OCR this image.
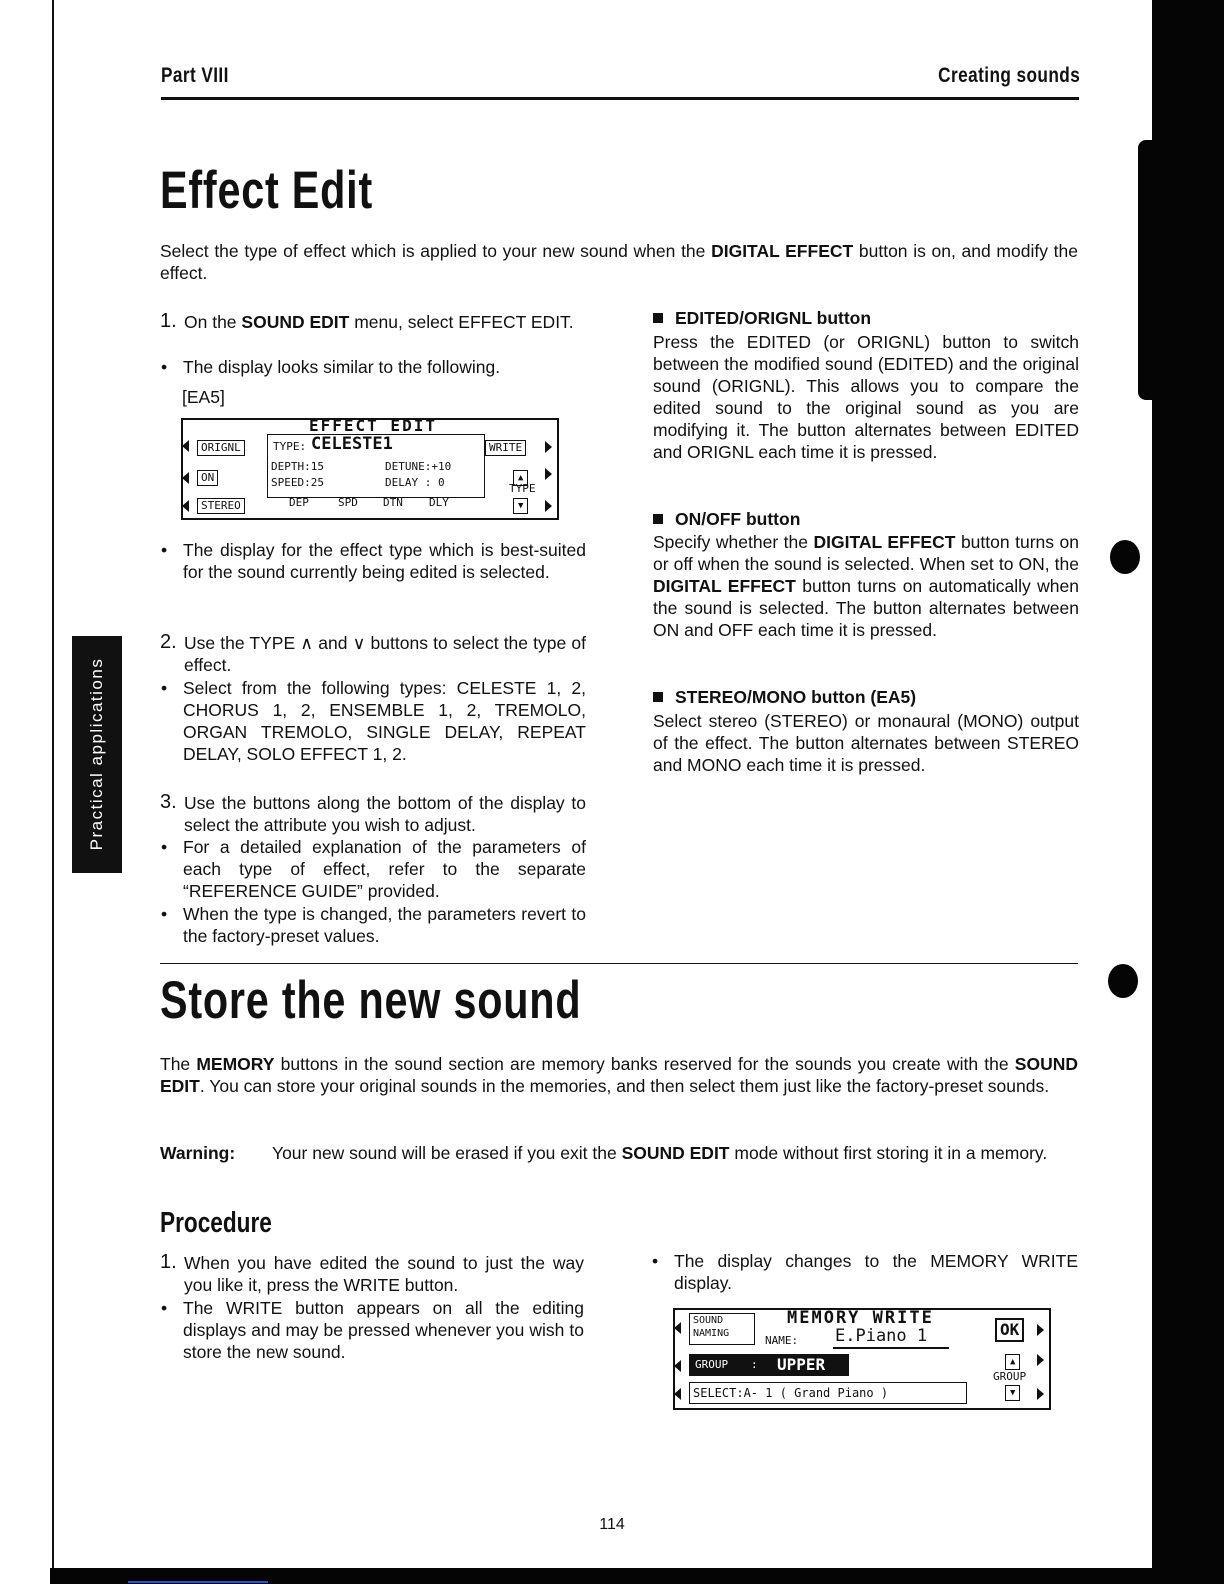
Part VIII	Creating sounds
Practical applications
Effect Edit
Select the type of effect which is applied to your new sound when the DIGITAL EFFECT button is on, and modify the effect.
1. On the SOUND EDIT menu, select EFFECT EDIT.
• The display looks similar to the following.
[EA5]
EFFECT EDIT
ORIGNL
ON
STEREO
TYPE: CELESTE1
DEPTH:15	DETUNE:+10
SPEED:25	DELAY : 0
WRITE
▲
TYPE
▼
DEP	SPD DTN DLY
• The display for the effect type which is best-suited for the sound currently being edited is selected.
2. Use the TYPE ∧ and ∨ buttons to select the type of effect.
• Select from the following types: CELESTE 1, 2, CHORUS 1, 2, ENSEMBLE 1, 2, TREMOLO, ORGAN TREMOLO, SINGLE DELAY, REPEAT DELAY, SOLO EFFECT 1, 2.
3. Use the buttons along the bottom of the display to select the attribute you wish to adjust.
• For a detailed explanation of the parameters of each type of effect, refer to the separate “REFERENCE GUIDE” provided.
• When the type is changed, the parameters revert to the factory-preset values.
EDITED/ORIGNL button
Press the EDITED (or ORIGNL) button to switch between the modified sound (EDITED) and the original sound (ORIGNL). This allows you to compare the edited sound to the original sound as you are modifying it. The button alternates between EDITED and ORIGNL each time it is pressed.
ON/OFF button
Specify whether the DIGITAL EFFECT button turns on or off when the sound is selected. When set to ON, the DIGITAL EFFECT button turns on automatically when the sound is selected. The button alternates between ON and OFF each time it is pressed.
STEREO/MONO button (EA5)
Select stereo (STEREO) or monaural (MONO) output of the effect. The button alternates between STEREO and MONO each time it is pressed.
Store the new sound
The MEMORY buttons in the sound section are memory banks reserved for the sounds you create with the SOUND EDIT. You can store your original sounds in the memories, and then select them just like the factory-preset sounds.
Warning: Your new sound will be erased if you exit the SOUND EDIT mode without first storing it in a memory.
Procedure
1. When you have edited the sound to just the way you like it, press the WRITE button.
• The WRITE button appears on all the editing displays and may be pressed whenever you wish to store the new sound.
• The display changes to the MEMORY WRITE display.
SOUND
NAMING
MEMORY WRITE
NAME: E.Piano 1	OK
GROUP : UPPER	▲
GROUP
▼
SELECT:A- 1 ( Grand Piano )
114
